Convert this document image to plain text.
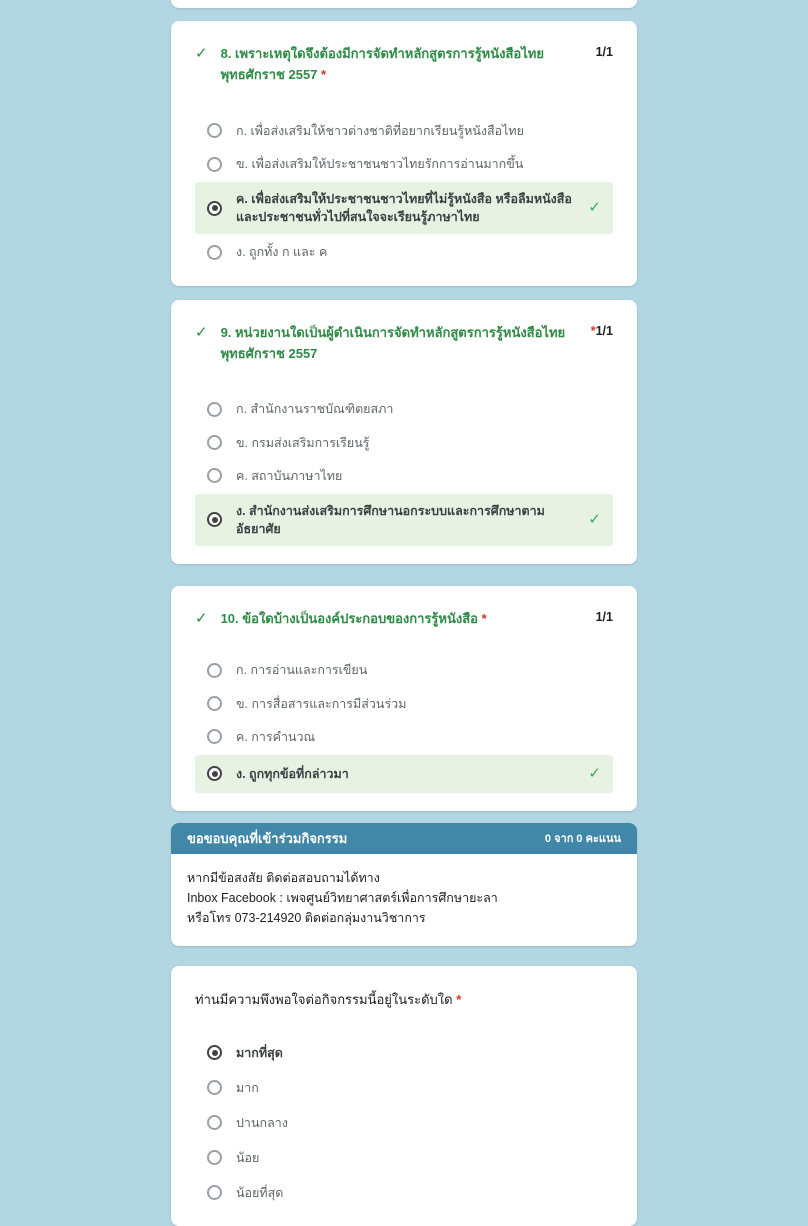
✓ 8. เพราะเหตุใดจึงต้องมีการจัดทำหลักสูตรการรู้หนังสือไทย พุทธศักราช 2557 *
1/1
ก. เพื่อส่งเสริมให้ชาวต่างชาติที่อยากเรียนรู้หนังสือไทย
ข. เพื่อส่งเสริมให้ประชาชนชาวไทยรักการอ่านมากขึ้น
ค. เพื่อส่งเสริมให้ประชาชนชาวไทยที่ไม่รู้หนังสือ หรือลืมหนังสือและประชาชนทั่วไปที่สนใจจะเรียนรู้ภาษาไทย
✓
ง. ถูกทั้ง ก และ ค
✓ 9. หน่วยงานใดเป็นผู้ดำเนินการจัดทำหลักสูตรการรู้หนังสือไทย พุทธศักราช 2557
*1/1
ก. สำนักงานราชบัณฑิตยสภา
ข. กรมส่งเสริมการเรียนรู้
ค. สถาบันภาษาไทย
ง. สำนักงานส่งเสริมการศึกษานอกระบบและการศึกษาตามอัธยาศัย
✓
✓ 10. ข้อใดบ้างเป็นองค์ประกอบของการรู้หนังสือ *	1/1
ก. การอ่านและการเขียน
ข. การสื่อสารและการมีส่วนร่วม
ค. การคำนวณ
ง. ถูกทุกข้อที่กล่าวมา	✓
ขอขอบคุณที่เข้าร่วมกิจกรรม	0 จาก 0 คะแนน
หากมีข้อสงสัย ติดต่อสอบถามได้ทาง
Inbox Facebook : เพจศูนย์วิทยาศาสตร์เพื่อการศึกษายะลา
หรือโทร 073-214920 ติดต่อกลุ่มงานวิชาการ
ท่านมีความพึงพอใจต่อกิจกรรมนี้อยู่ในระดับใด *
มากที่สุด
มาก
ปานกลาง
น้อย
น้อยที่สุด
